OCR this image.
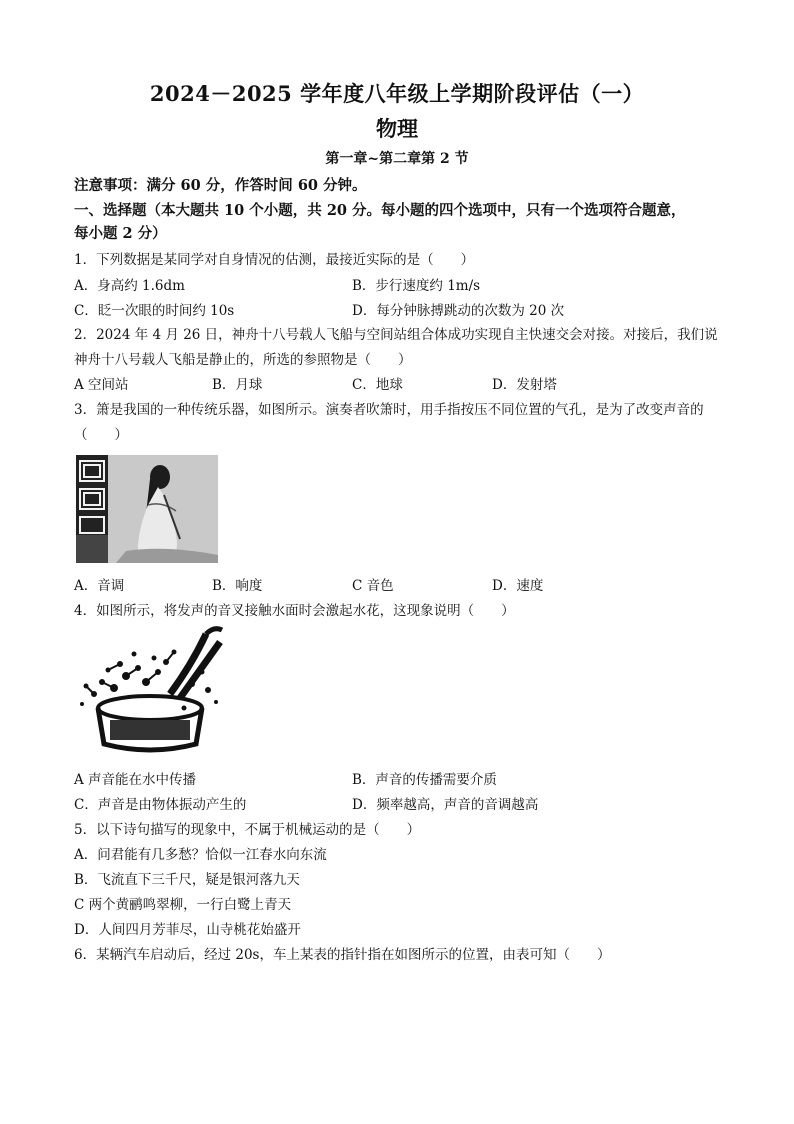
2024－2025 学年度八年级上学期阶段评估（一）
物理
第一章~第二章第 2 节
注意事项：满分 60 分，作答时间 60 分钟。
一、选择题（本大题共 10 个小题，共 20 分。每小题的四个选项中，只有一个选项符合题意，
每小题 2 分）
1．下列数据是某同学对自身情况的估测，最接近实际的是（　　）
A．身高约 1.6dm	B．步行速度约 1m/s
C．眨一次眼的时间约 10s	D．每分钟脉搏跳动的次数为 20 次
2．2024 年 4 月 26 日，神舟十八号载人飞船与空间站组合体成功实现自主快速交会对接。对接后，我们说
神舟十八号载人飞船是静止的，所选的参照物是（　　）
A 空间站	B．月球	C．地球	D．发射塔
3．箫是我国的一种传统乐器，如图所示。演奏者吹箫时，用手指按压不同位置的气孔，是为了改变声音的
（　　）
A．音调	B．响度	C 音色	D．速度
4．如图所示，将发声的音叉接触水面时会激起水花，这现象说明（　　）
A 声音能在水中传播	B．声音的传播需要介质
C．声音是由物体振动产生的	D．频率越高，声音的音调越高
5．以下诗句描写的现象中，不属于机械运动的是（　　）
A．问君能有几多愁？恰似一江春水向东流
B．飞流直下三千尺，疑是银河落九天
C 两个黄鹂鸣翠柳，一行白鹭上青天
D．人间四月芳菲尽，山寺桃花始盛开
6．某辆汽车启动后，经过 20s，车上某表的指针指在如图所示的位置，由表可知（　　）
